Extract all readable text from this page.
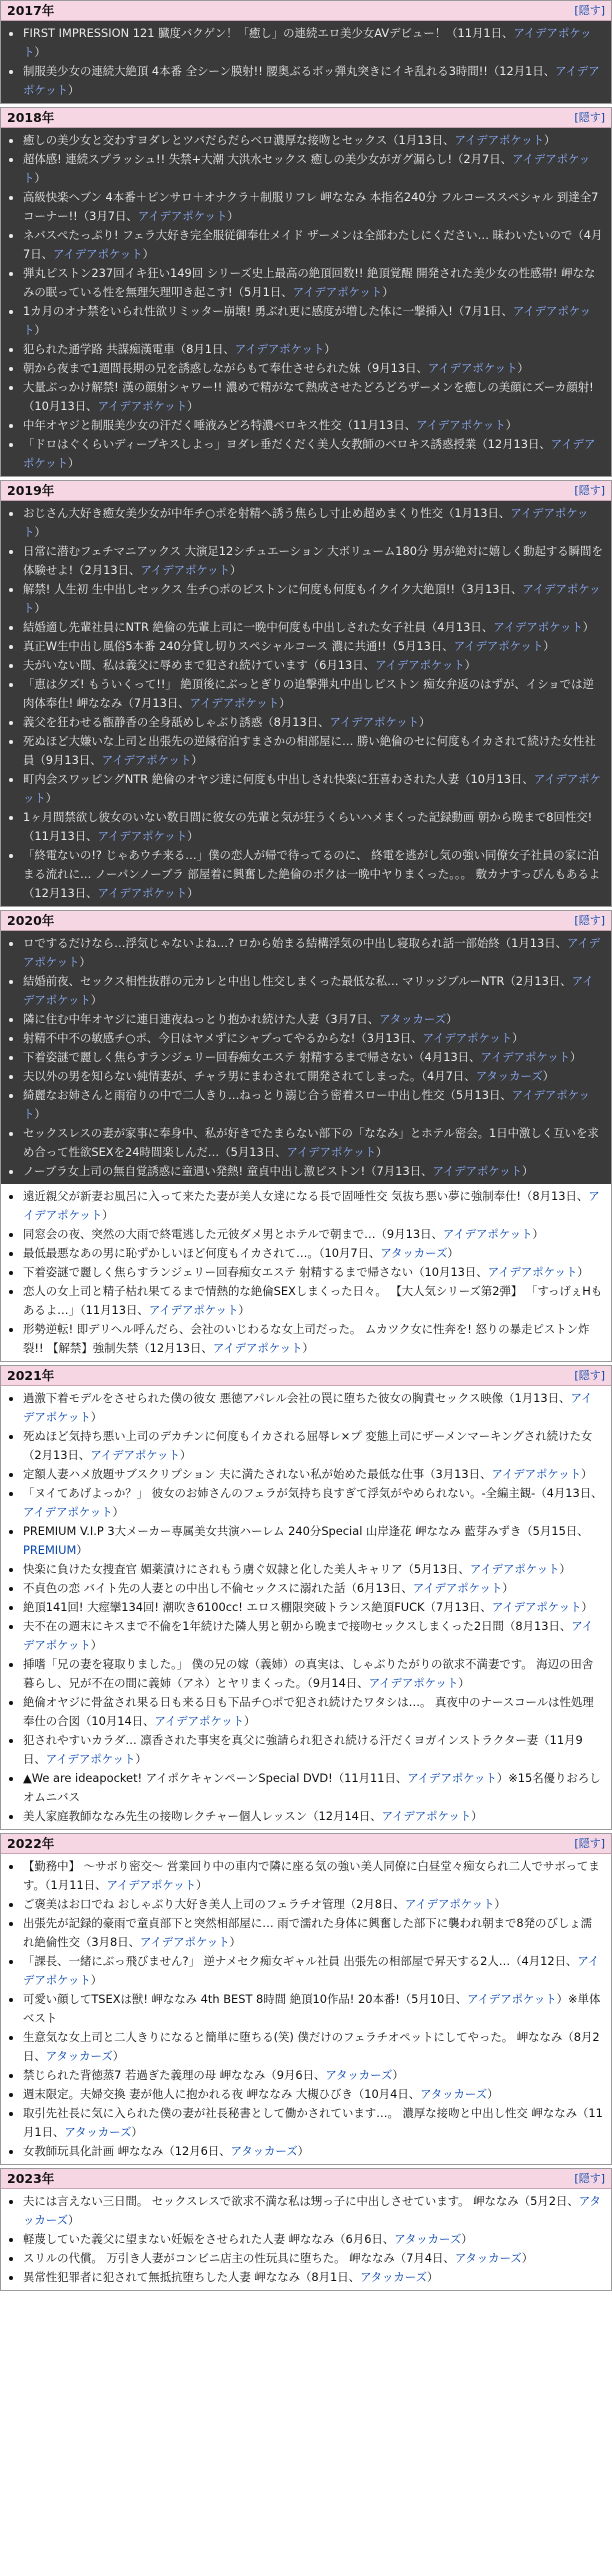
2017年	[隠す]
• FIRST IMPRESSION 121 臓度バクゲン！「癒し」の連続エロ美少女AVデビュー！（11月1日、アイデアポケット）
• 制服美少女の連続大絶頂 4本番 全シーン膜射!! 腰奥ぶるボッ弾丸突きにイキ乱れる3時間!!（12月1日、アイデアポケット）
2018年	[隠す]
• 癒しの美少女と交わすヨダレとツバだらだらベロ濃厚な接吻とセックス（1月13日、アイデアポケット）
• 超体感! 連続スプラッシュ!! 失禁+大潮 大洪水セックス 癒しの美少女がガグ漏らし!（2月7日、アイデアポケット）
• 高級快楽ヘブン 4本番＋ピンサロ＋オナクラ＋制服リフレ 岬ななみ 本指名240分 フルコーススペシャル 到達全7コーナー!!（3月7日、アイデアポケット）
• ネバスぺたっぷり! フェラ大好き完全服従御奉仕メイド ザーメンは全部わたしにください… 昧わいたいので（4月7日、アイデアポケット）
• 弾丸ピストン237回イキ狂い149回 シリーズ史上最高の絶頂回数!! 絶頂覚醒 開発された美少女の性感帯! 岬ななみの眠っている性を無理矢理叩き起こす!（5月1日、アイデアポケット）
• 1カ月のオナ禁をいられ性欲リミッター崩壊! 勇ぶれ更に感度が増した体に一撃挿入!（7月1日、アイデアポケット）
• 犯られた通学路 共謀痴漢電車（8月1日、アイデアポケット）
• 朝から夜まで1週間長期の兄を誘惑しながらもて奉仕させられた妹（9月13日、アイデアポケット）
• 大量ぶっかけ解禁! 漢の顔射シャワー!! 濃めで精がなて熱成させたどろどろザーメンを癒しの美顔にズーカ顔射!（10月13日、アイデアポケット）
• 中年オヤジと制服美少女の汗だく唾液みどろ特濃ベロキス性交（11月13日、アイデアポケット）
• 「ドロはぐくらいディープキスしよっ」ヨダレ垂だくだく美人女教師のベロキス誘惑授業（12月13日、アイデアポケット）
2019年	[隠す]
• おじさん大好き癒女美少女が中年チ○ポを射精へ誘う焦らし寸止め超めまくり性交（1月13日、アイデアポケット）
• 日常に潜むフェチマニアックス 大演足12シチュエーション 大ボリューム180分 男が絶対に嬉しく動起する瞬間を体験せよ!（2月13日、アイデアポケット）
• 解禁! 人生初 生中出しセックス 生チ○ポのピストンに何度も何度もイクイク大絶頂!!（3月13日、アイデアポケット）
• 結婚適し先輩社員にNTR 絶倫の先輩上司に一晩中何度も中出しされた女子社員（4月13日、アイデアポケット）
• 真正W生中出し風俗5本番 240分貸し切りスペシャルコース 濃に共通!!（5月13日、アイデアポケット）
• 夫がいない間、私は義父に辱めまで犯され続けています（6月13日、アイデアポケット）
• 「恵は夕ズ! もういくって!!」 絶頂後にぶっとぎりの追撃弾丸中出しピストン 痴女弁返のはずが、イショでは逆肉体奉仕! 岬ななみ（7月13日、アイデアポケット）
• 義父を狂わせる甑静香の全身舐めしゃぶり誘惑（8月13日、アイデアポケット）
• 死ぬほど大嫌いな上司と出張先の逆縁宿泊すまさかの相部屋に… 勝い絶倫のセに何度もイカされて続けた女性社員（9月13日、アイデアポケット）
• 町内会スワッピングNTR 絶倫のオヤジ達に何度も中出しされ快楽に狂喜わされた人妻（10月13日、アイデアポケット）
• 1ヶ月間禁欲し彼女のいない数日間に彼女の先輩と気が狂うくらいハメまくった記録動画 朝から晩まで8回性交!（11月13日、アイデアポケット）
• 「終電ないの!? じゃあウチ来る…」僕の恋人が帰で待ってるのに、 終電を逃がし気の強い同僚女子社員の家に泊まる流れに… ノーパンノーブラ 部屋着に興奮した絶倫のボクは一晩中ヤりまくった。。。 敷カナすっぴんもあるよ（12月13日、アイデアポケット）
2020年	[隠す]
• ロでするだけなら…浮気じゃないよね…? ロから始まる結構浮気の中出し寝取られ話一部始終（1月13日、アイデアポケット）
• 結婚前夜、セックス相性抜群の元カレと中出し性交しまくった最低な私… マリッジブルーNTR（2月13日、アイデアポケット）
• 隣に住む中年オヤジに連日連夜ねっとり抱かれ続けた人妻（3月7日、アタッカーズ）
• 射精不中不の敏感チ○ポ、今日はヤメずにシャブってやるからな!（3月13日、アイデアポケット）
• 下着姿謎で麗しく焦らすランジェリー回春痴女エステ 射精するまで帰さない（4月13日、アイデアポケット）
• 夫以外の男を知らない純情妻が、チャラ男にまわされて開発されてしまった。（4月7日、アタッカーズ）
• 綺麗なお姉さんと雨宿りの中で二人きり…ねっとり溺じ合う密着スロー中出し性交（5月13日、アイデアポケット）
• セックスレスの妻が家事に奉身中、私が好きでたまらない部下の「ななみ」とホテル密会。1日中激しく互いを求め合って性欲SEXを24時間楽しんだ…（5月13日、アイデアポケット）
• ノーブラ女上司の無自覚誘惑に童遇い発熱! 童貞中出し激ピストン!（7月13日、アイデアポケット）
• 遠近親父が新妻お風呂に入って来たた妻が美人女達になる長で固唾性交 気抜ち悪い夢に強制奉仕!（8月13日、アイデアポケット）
• 同窓会の夜、突然の大雨で終電逃した元彼ダメ男とホテルで朝まで…（9月13日、アイデアポケット）
• 最低最悪なあの男に恥ずかしいほど何度もイカされて…。（10月7日、アタッカーズ）
• 下着姿謎で麗しく焦らすランジェリー回春痴女エステ 射精するまで帰さない（10月13日、アイデアポケット）
• 恋人の女上司と精子枯れ果てるまで情熱的な絶倫SEXしまくった日々。 【大人気シリーズ第2弾】 「すっげぇHもあるよ…」（11月13日、アイデアポケット）
• 形勢逆転! 即デリヘル呼んだら、会社のいじわるな女上司だった。 ムカツク女に性奔を! 怒りの暴走ピストン炸裂!! 【解禁】強制失禁（12月13日、アイデアポケット）
2021年	[隠す]
• 過激下着モデルをさせられた僕の彼女 悪徳アパレル会社の罠に堕ちた彼女の胸責セックス映像（1月13日、アイデアポケット）
• 死ぬほど気持ち悪い上司のデカチンに何度もイカされる屈辱レ×プ 変態上司にザーメンマーキングされ続けた女（2月13日、アイデアポケット）
• 定額人妻ハメ放題サブスクリプション 夫に満たされない私が始めた最低な仕事（3月13日、アイデアポケット）
• 「ヌイてあげよっか？」 彼女のお姉さんのフェラが気持ち良すぎて浮気がやめられない。-全編主観-（4月13日、アイデアポケット）
• PREMIUM V.I.P 3大メーカー専属美女共演ハーレム 240分Special 山岸逢花 岬ななみ 藍芽みずき（5月15日、PREMIUM）
• 快楽に負けた女捜査官 媚薬漬けにされもう虜ぐ奴隷と化した美人キャリア（5月13日、アイデアポケット）
• 不貞色の恋 バイト先の人妻との中出し不倫セックスに溺れた話（6月13日、アイデアポケット）
• 絶頂141回! 大痙攣134回! 潮吹き6100cc! エロス棚限突破トランス絶頂FUCK（7月13日、アイデアポケット）
• 夫不在の週末にキスまで不倫を1年続けた隣人男と朝から晩まで接吻セックスしまくった2日間（8月13日、アイデアポケット）
• 挿嗜「兄の妻を寝取りました。」 僕の兄の嫁（義姉）の真実は、しゃぶりたがりの欲求不満妻です。 海辺の田舎暮らし、兄が不在の間に義姉（アネ）とヤリまくった。（9月14日、アイデアポケット）
• 絶倫オヤジに骨盆され果る日も来る日も下品チ○ポで犯され続けたワタシは…。 真夜中のナースコールは性処理奉仕の合図（10月14日、アイデアポケット）
• 犯されやすいカラダ… 凛香された事実を真父に強請られ犯され続ける汗だくヨガインストラクター妻（11月9日、アイデアポケット）
• ▲We are ideapocket! アイポケキャンペーンSpecial DVD!（11月11日、アイデアポケット）※15名優りおろしオムニバス
• 美人家庭教師ななみ先生の接吻レクチャー個人レッスン（12月14日、アイデアポケット）
2022年	[隠す]
• 【勤務中】 ～サボり密交～ 営業回り中の車内で隣に座る気の強い美人同僚に白昼堂々痴女られ二人でサボってます。（1月11日、アイデアポケット）
• ご褒美はお口でね おしゃぶり大好き美人上司のフェラチオ管理（2月8日、アイデアポケット）
• 出張先が記録的豪雨で童貞部下と突然相部屋に… 雨で濡れた身体に興奮した部下に襲われ朝まで8発のびしょ濡れ絶倫性交（3月8日、アイデアポケット）
• 「課長、一緒にぶっ飛びません?」 逆ナメセク痴女ギャル社員 出張先の相部屋で昇天する2人…（4月12日、アイデアポケット）
• 可愛い顔してTSEXは獣! 岬ななみ 4th BEST 8時間 絶頂10作品! 20本番!（5月10日、アイデアポケット）※単体ベスト
• 生意気な女上司と二人きりになると簡単に堕ちる(笑) 僕だけのフェラチオペットにしてやった。 岬ななみ（8月2日、アタッカーズ）
• 禁じられた背徳蒸7 若過ぎた義理の母 岬ななみ（9月6日、アタッカーズ）
• 週末限定。夫婦交換 妻が他人に抱かれる夜 岬ななみ 大槻ひびき（10月4日、アタッカーズ）
• 取引先社長に気に入られた僕の妻が社長秘書として働かされています…。 濃厚な接吻と中出し性交 岬ななみ（11月1日、アタッカーズ）
• 女教師玩具化計画 岬ななみ（12月6日、アタッカーズ）
2023年	[隠す]
• 夫には言えない三日間。 セックスレスで欲求不満な私は甥っ子に中出しさせています。 岬ななみ（5月2日、アタッカーズ）
• 軽蔑していた義父に望まない妊娠をさせられた人妻 岬ななみ（6月6日、アタッカーズ）
• スリルの代償。 万引き人妻がコンビニ店主の性玩具に堕ちた。 岬ななみ（7月4日、アタッカーズ）
• 異常性犯罪者に犯されて無抵抗堕ちした人妻 岬ななみ（8月1日、アタッカーズ）
